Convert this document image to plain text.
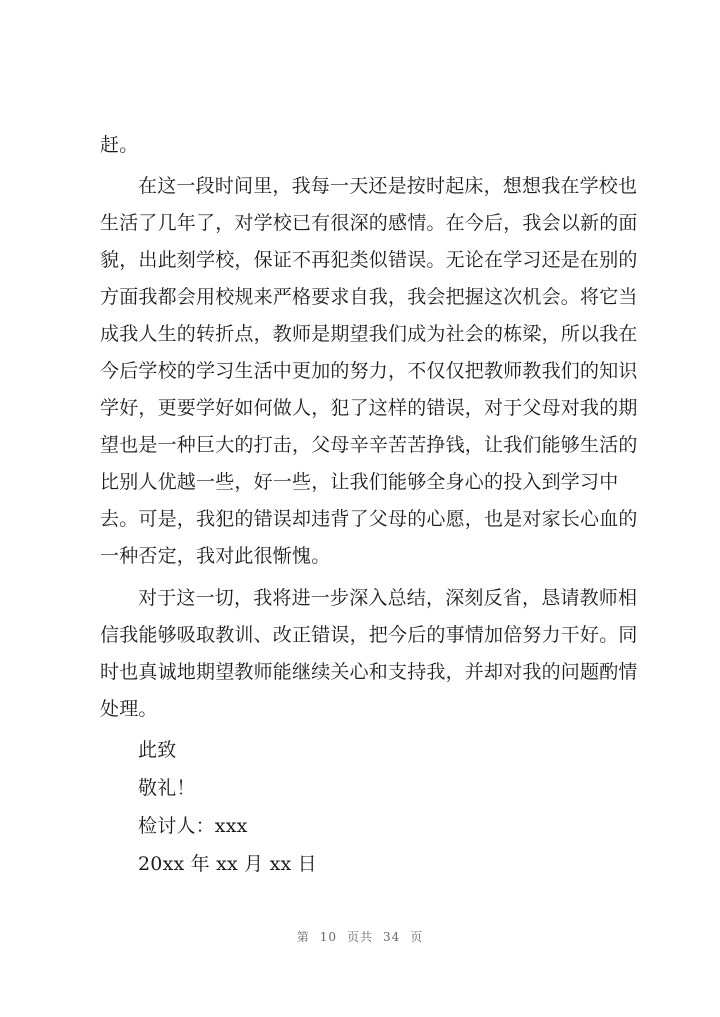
赶。
在这一段时间里，我每一天还是按时起床，想想我在学校也
生活了几年了，对学校已有很深的感情。在今后，我会以新的面
貌，出此刻学校，保证不再犯类似错误。无论在学习还是在别的
方面我都会用校规来严格要求自我，我会把握这次机会。将它当
成我人生的转折点，教师是期望我们成为社会的栋梁，所以我在
今后学校的学习生活中更加的努力，不仅仅把教师教我们的知识
学好，更要学好如何做人，犯了这样的错误，对于父母对我的期
望也是一种巨大的打击，父母辛辛苦苦挣钱，让我们能够生活的
比别人优越一些，好一些，让我们能够全身心的投入到学习中
去。可是，我犯的错误却违背了父母的心愿，也是对家长心血的
一种否定，我对此很惭愧。
对于这一切，我将进一步深入总结，深刻反省，恳请教师相
信我能够吸取教训、改正错误，把今后的事情加倍努力干好。同
时也真诚地期望教师能继续关心和支持我，并却对我的问题酌情
处理。
此致
敬礼！
检讨人：xxx
20xx 年 xx 月 xx 日
第 10 页共 34 页
